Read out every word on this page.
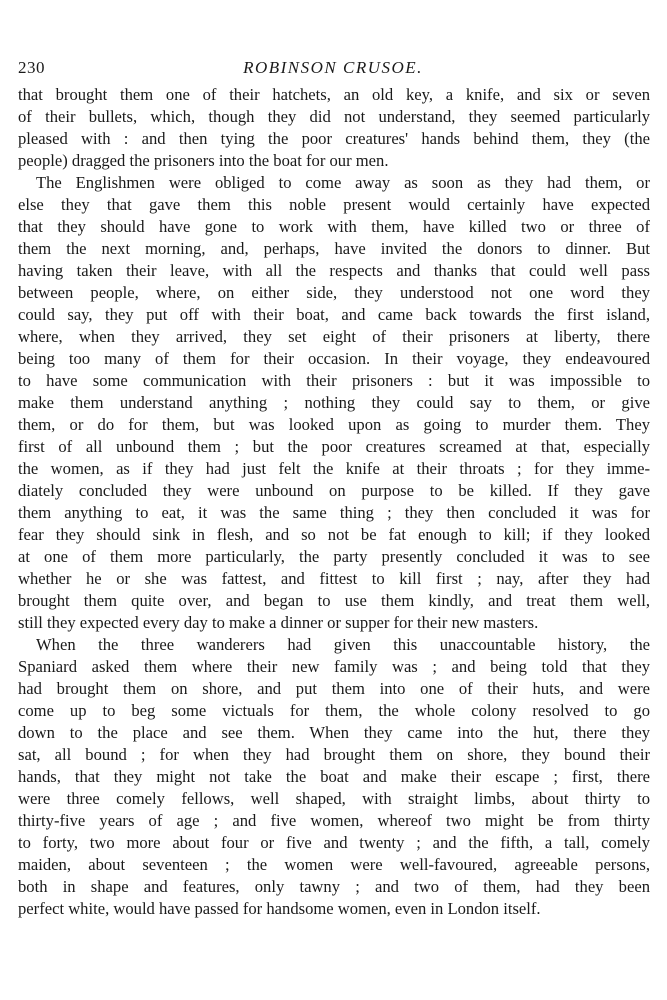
230	ROBINSON CRUSOE.
that brought them one of their hatchets, an old key, a knife, and six or seven
of their bullets, which, though they did not understand, they seemed particularly
pleased with : and then tying the poor creatures' hands behind them, they (the
people) dragged the prisoners into the boat for our men.
The Englishmen were obliged to come away as soon as they had them, or
else they that gave them this noble present would certainly have expected
that they should have gone to work with them, have killed two or three of
them the next morning, and, perhaps, have invited the donors to dinner. But
having taken their leave, with all the respects and thanks that could well pass
between people, where, on either side, they understood not one word they
could say, they put off with their boat, and came back towards the first island,
where, when they arrived, they set eight of their prisoners at liberty, there
being too many of them for their occasion. In their voyage, they endeavoured
to have some communication with their prisoners : but it was impossible to
make them understand anything ; nothing they could say to them, or give
them, or do for them, but was looked upon as going to murder them. They
first of all unbound them ; but the poor creatures screamed at that, especially
the women, as if they had just felt the knife at their throats ; for they imme-
diately concluded they were unbound on purpose to be killed. If they gave
them anything to eat, it was the same thing ; they then concluded it was for
fear they should sink in flesh, and so not be fat enough to kill; if they looked
at one of them more particularly, the party presently concluded it was to see
whether he or she was fattest, and fittest to kill first ; nay, after they had
brought them quite over, and began to use them kindly, and treat them well,
still they expected every day to make a dinner or supper for their new masters.
When the three wanderers had given this unaccountable history, the
Spaniard asked them where their new family was ; and being told that they
had brought them on shore, and put them into one of their huts, and were
come up to beg some victuals for them, the whole colony resolved to go
down to the place and see them. When they came into the hut, there they
sat, all bound ; for when they had brought them on shore, they bound their
hands, that they might not take the boat and make their escape ; first, there
were three comely fellows, well shaped, with straight limbs, about thirty to
thirty-five years of age ; and five women, whereof two might be from thirty
to forty, two more about four or five and twenty ; and the fifth, a tall, comely
maiden, about seventeen ; the women were well-favoured, agreeable persons,
both in shape and features, only tawny ; and two of them, had they been
perfect white, would have passed for handsome women, even in London itself.
